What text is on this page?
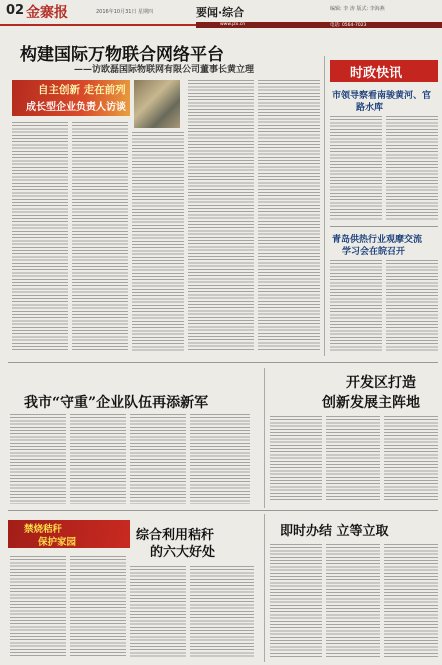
02 金寨报	2016年10月31日 星期四	要闻·综合	编辑: 李 涛 版式: 李海燕
www.jzx.cn	电话: 0564-7023
构建国际万物联合网络平台
——访欧磊国际物联网有限公司董事长黄立理
自主创新 走在前列
成长型企业负责人访谈
时政快讯
市领导察看南骏黄河、官
路水库
青岛供热行业观摩交流
学习会在皖召开
开发区打造
创新发展主阵地
我市“守重”企业队伍再添新军
禁烧秸秆
保护家园	综合利用秸秆
的六大好处
即时办结 立等立取
